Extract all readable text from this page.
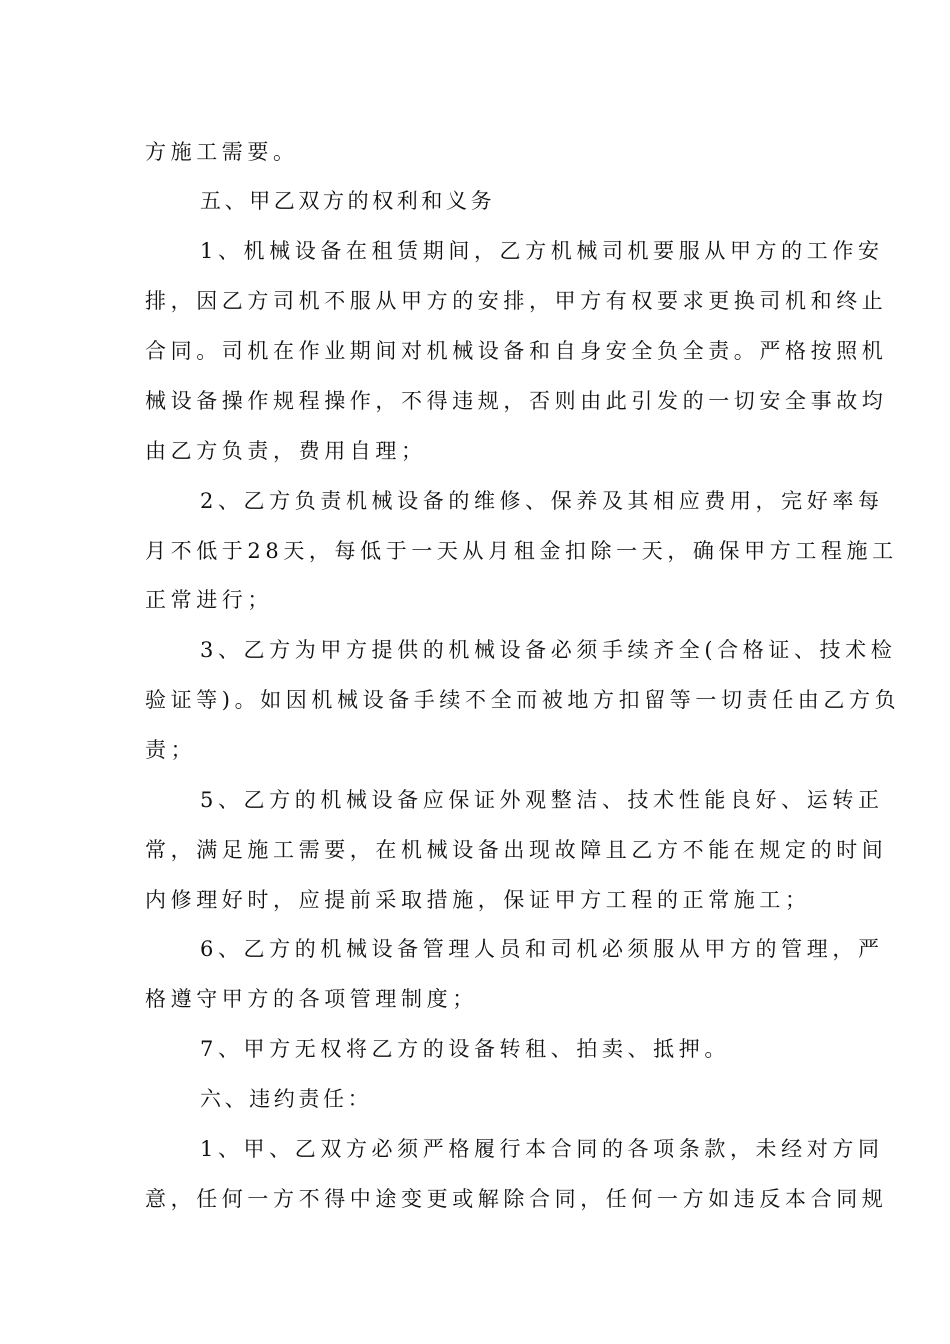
方施工需要。
五、甲乙双方的权利和义务
1、机械设备在租赁期间，乙方机械司机要服从甲方的工作安
排，因乙方司机不服从甲方的安排，甲方有权要求更换司机和终止
合同。司机在作业期间对机械设备和自身安全负全责。严格按照机
械设备操作规程操作，不得违规，否则由此引发的一切安全事故均
由乙方负责，费用自理；
2、乙方负责机械设备的维修、保养及其相应费用，完好率每
月不低于28天，每低于一天从月租金扣除一天，确保甲方工程施工
正常进行；
3、乙方为甲方提供的机械设备必须手续齐全(合格证、技术检
验证等)。如因机械设备手续不全而被地方扣留等一切责任由乙方负
责；
5、乙方的机械设备应保证外观整洁、技术性能良好、运转正
常，满足施工需要，在机械设备出现故障且乙方不能在规定的时间
内修理好时，应提前采取措施，保证甲方工程的正常施工；
6、乙方的机械设备管理人员和司机必须服从甲方的管理，严
格遵守甲方的各项管理制度；
7、甲方无权将乙方的设备转租、拍卖、抵押。
六、违约责任：
1、甲、乙双方必须严格履行本合同的各项条款，未经对方同
意，任何一方不得中途变更或解除合同，任何一方如违反本合同规
